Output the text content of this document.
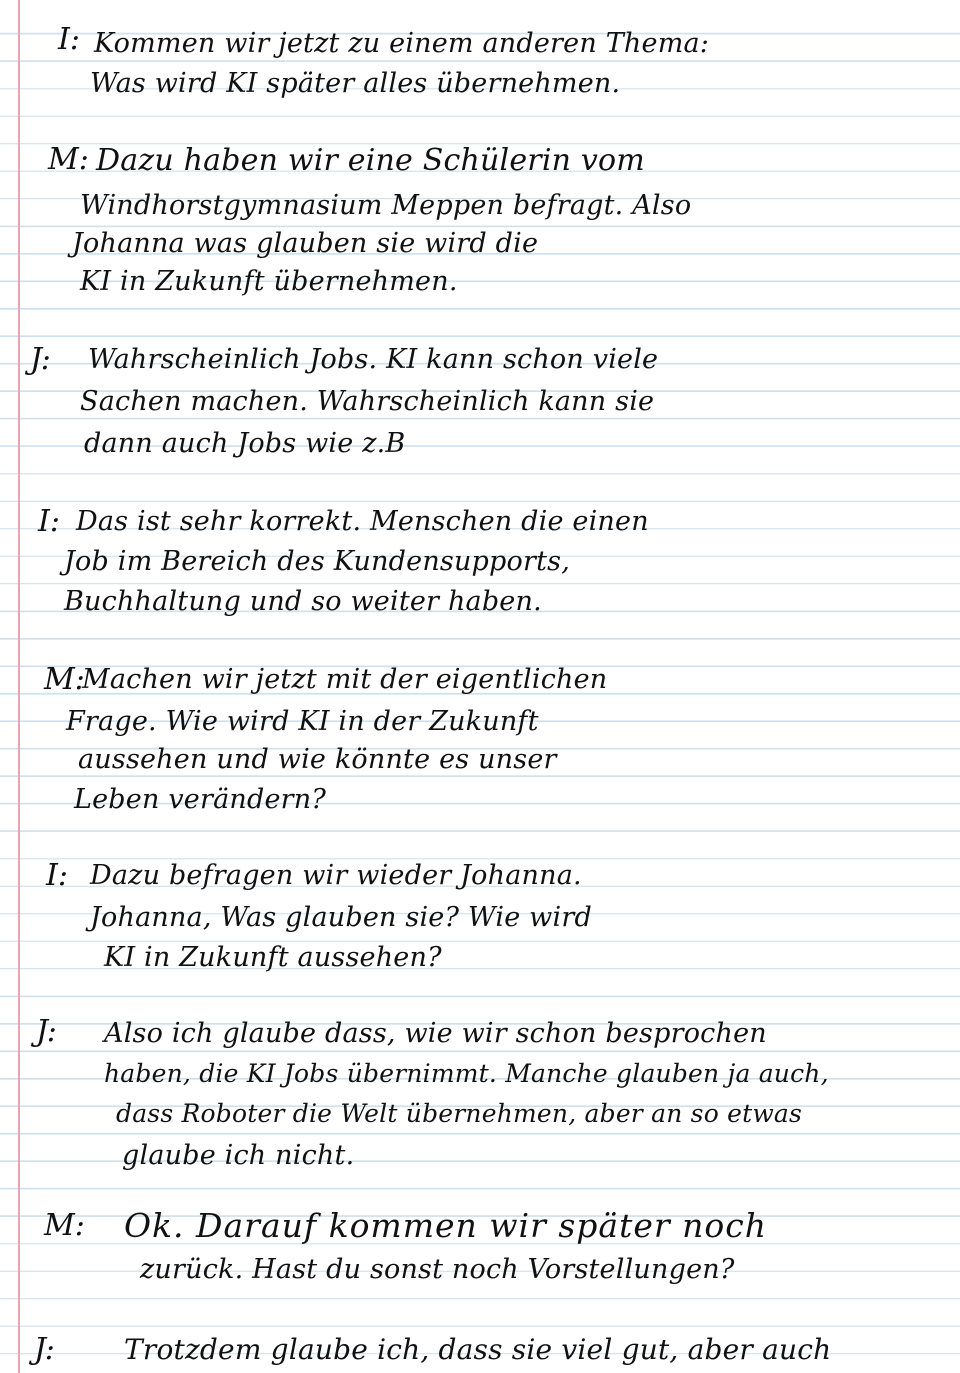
I: Kommen wir jetzt zu einem anderen Thema:
Was wird KI später alles übernehmen.
M: Dazu haben wir eine Schülerin vom
Windhorstgymnasium Meppen befragt. Also
Johanna was glauben sie wird die
KI in Zukunft übernehmen.
J: Wahrscheinlich Jobs. KI kann schon viele
Sachen machen. Wahrscheinlich kann sie
dann auch Jobs wie z.B
I: Das ist sehr korrekt. Menschen die einen
Job im Bereich des Kundensupports,
Buchhaltung und so weiter haben.
M:
Machen wir jetzt mit der eigentlichen
Frage. Wie wird KI in der Zukunft
aussehen und wie könnte es unser
Leben verändern?
I: Dazu befragen wir wieder Johanna.
Johanna, Was glauben sie? Wie wird
KI in Zukunft aussehen?
J: Also ich glaube dass, wie wir schon besprochen
haben, die KI Jobs übernimmt. Manche glauben ja auch,
dass Roboter die Welt übernehmen, aber an so etwas
glaube ich nicht.
M: Ok. Darauf kommen wir später noch
zurück. Hast du sonst noch Vorstellungen?
J: Trotzdem glaube ich, dass sie viel gut, aber auch
